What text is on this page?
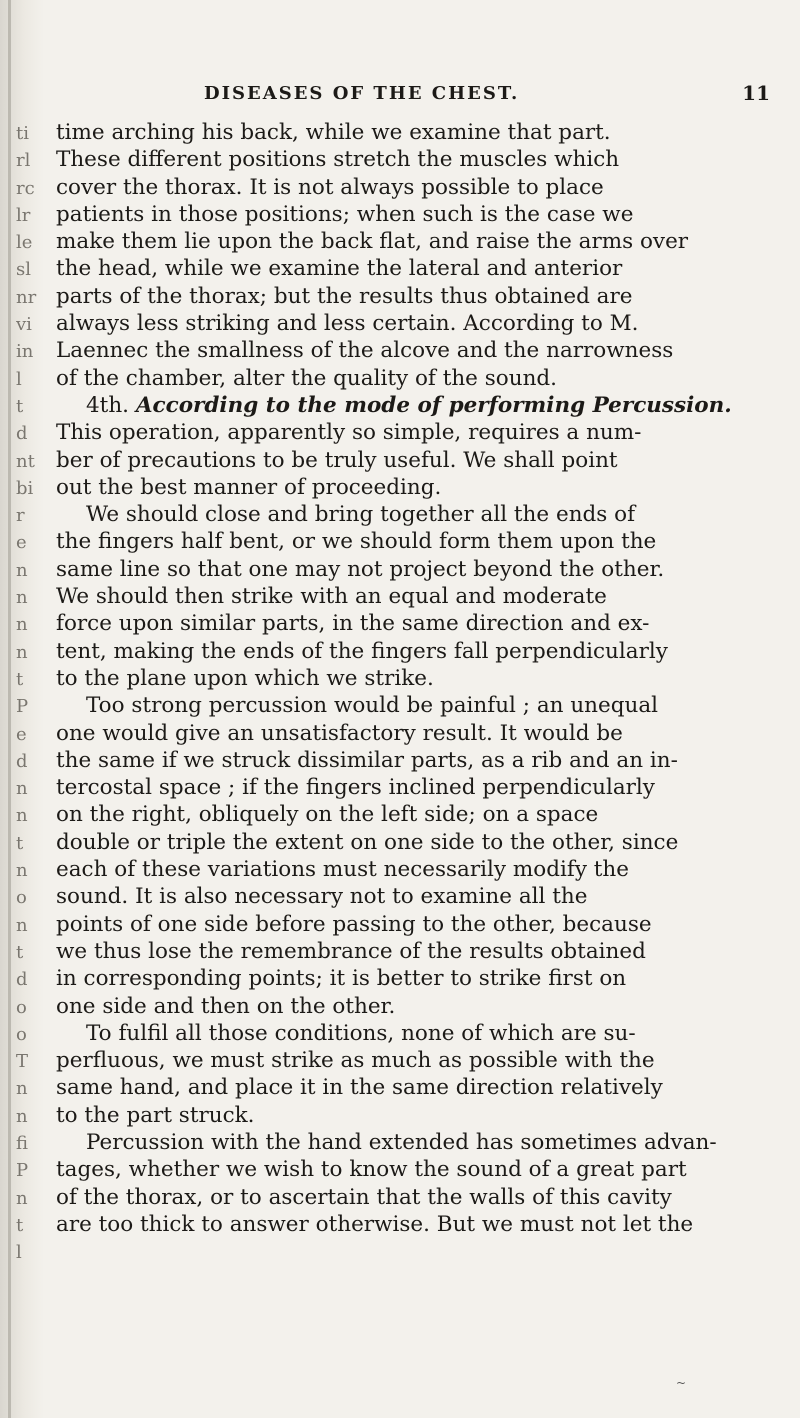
ti
rl
rc
lr
le
sl
nr
vi
in
l
t
d
nt
bi
r
e
n
n
n
n
t
P
e
d
n
n
t
n
o
n
t
d
o
o
T
n
n
fi
P
n
t
l
DISEASES OF THE CHEST.	11
time arching his back, while we examine that part.
These different positions stretch the muscles which
cover the thorax. It is not always possible to place
patients in those positions; when such is the case we
make them lie upon the back flat, and raise the arms over
the head, while we examine the lateral and anterior
parts of the thorax; but the results thus obtained are
always less striking and less certain. According to M.
Laennec the smallness of the alcove and the narrowness
of the chamber, alter the quality of the sound.
4th. According to the mode of performing Percussion.
This operation, apparently so simple, requires a num-
ber of precautions to be truly useful. We shall point
out the best manner of proceeding.
We should close and bring together all the ends of
the fingers half bent, or we should form them upon the
same line so that one may not project beyond the other.
We should then strike with an equal and moderate
force upon similar parts, in the same direction and ex-
tent, making the ends of the fingers fall perpendicularly
to the plane upon which we strike.
Too strong percussion would be painful ; an unequal
one would give an unsatisfactory result. It would be
the same if we struck dissimilar parts, as a rib and an in-
tercostal space ; if the fingers inclined perpendicularly
on the right, obliquely on the left side; on a space
double or triple the extent on one side to the other, since
each of these variations must necessarily modify the
sound. It is also necessary not to examine all the
points of one side before passing to the other, because
we thus lose the remembrance of the results obtained
in corresponding points; it is better to strike first on
one side and then on the other.
To fulfil all those conditions, none of which are su-
perfluous, we must strike as much as possible with the
same hand, and place it in the same direction relatively
to the part struck.
Percussion with the hand extended has sometimes advan-
tages, whether we wish to know the sound of a great part
of the thorax, or to ascertain that the walls of this cavity
are too thick to answer otherwise. But we must not let the
~
